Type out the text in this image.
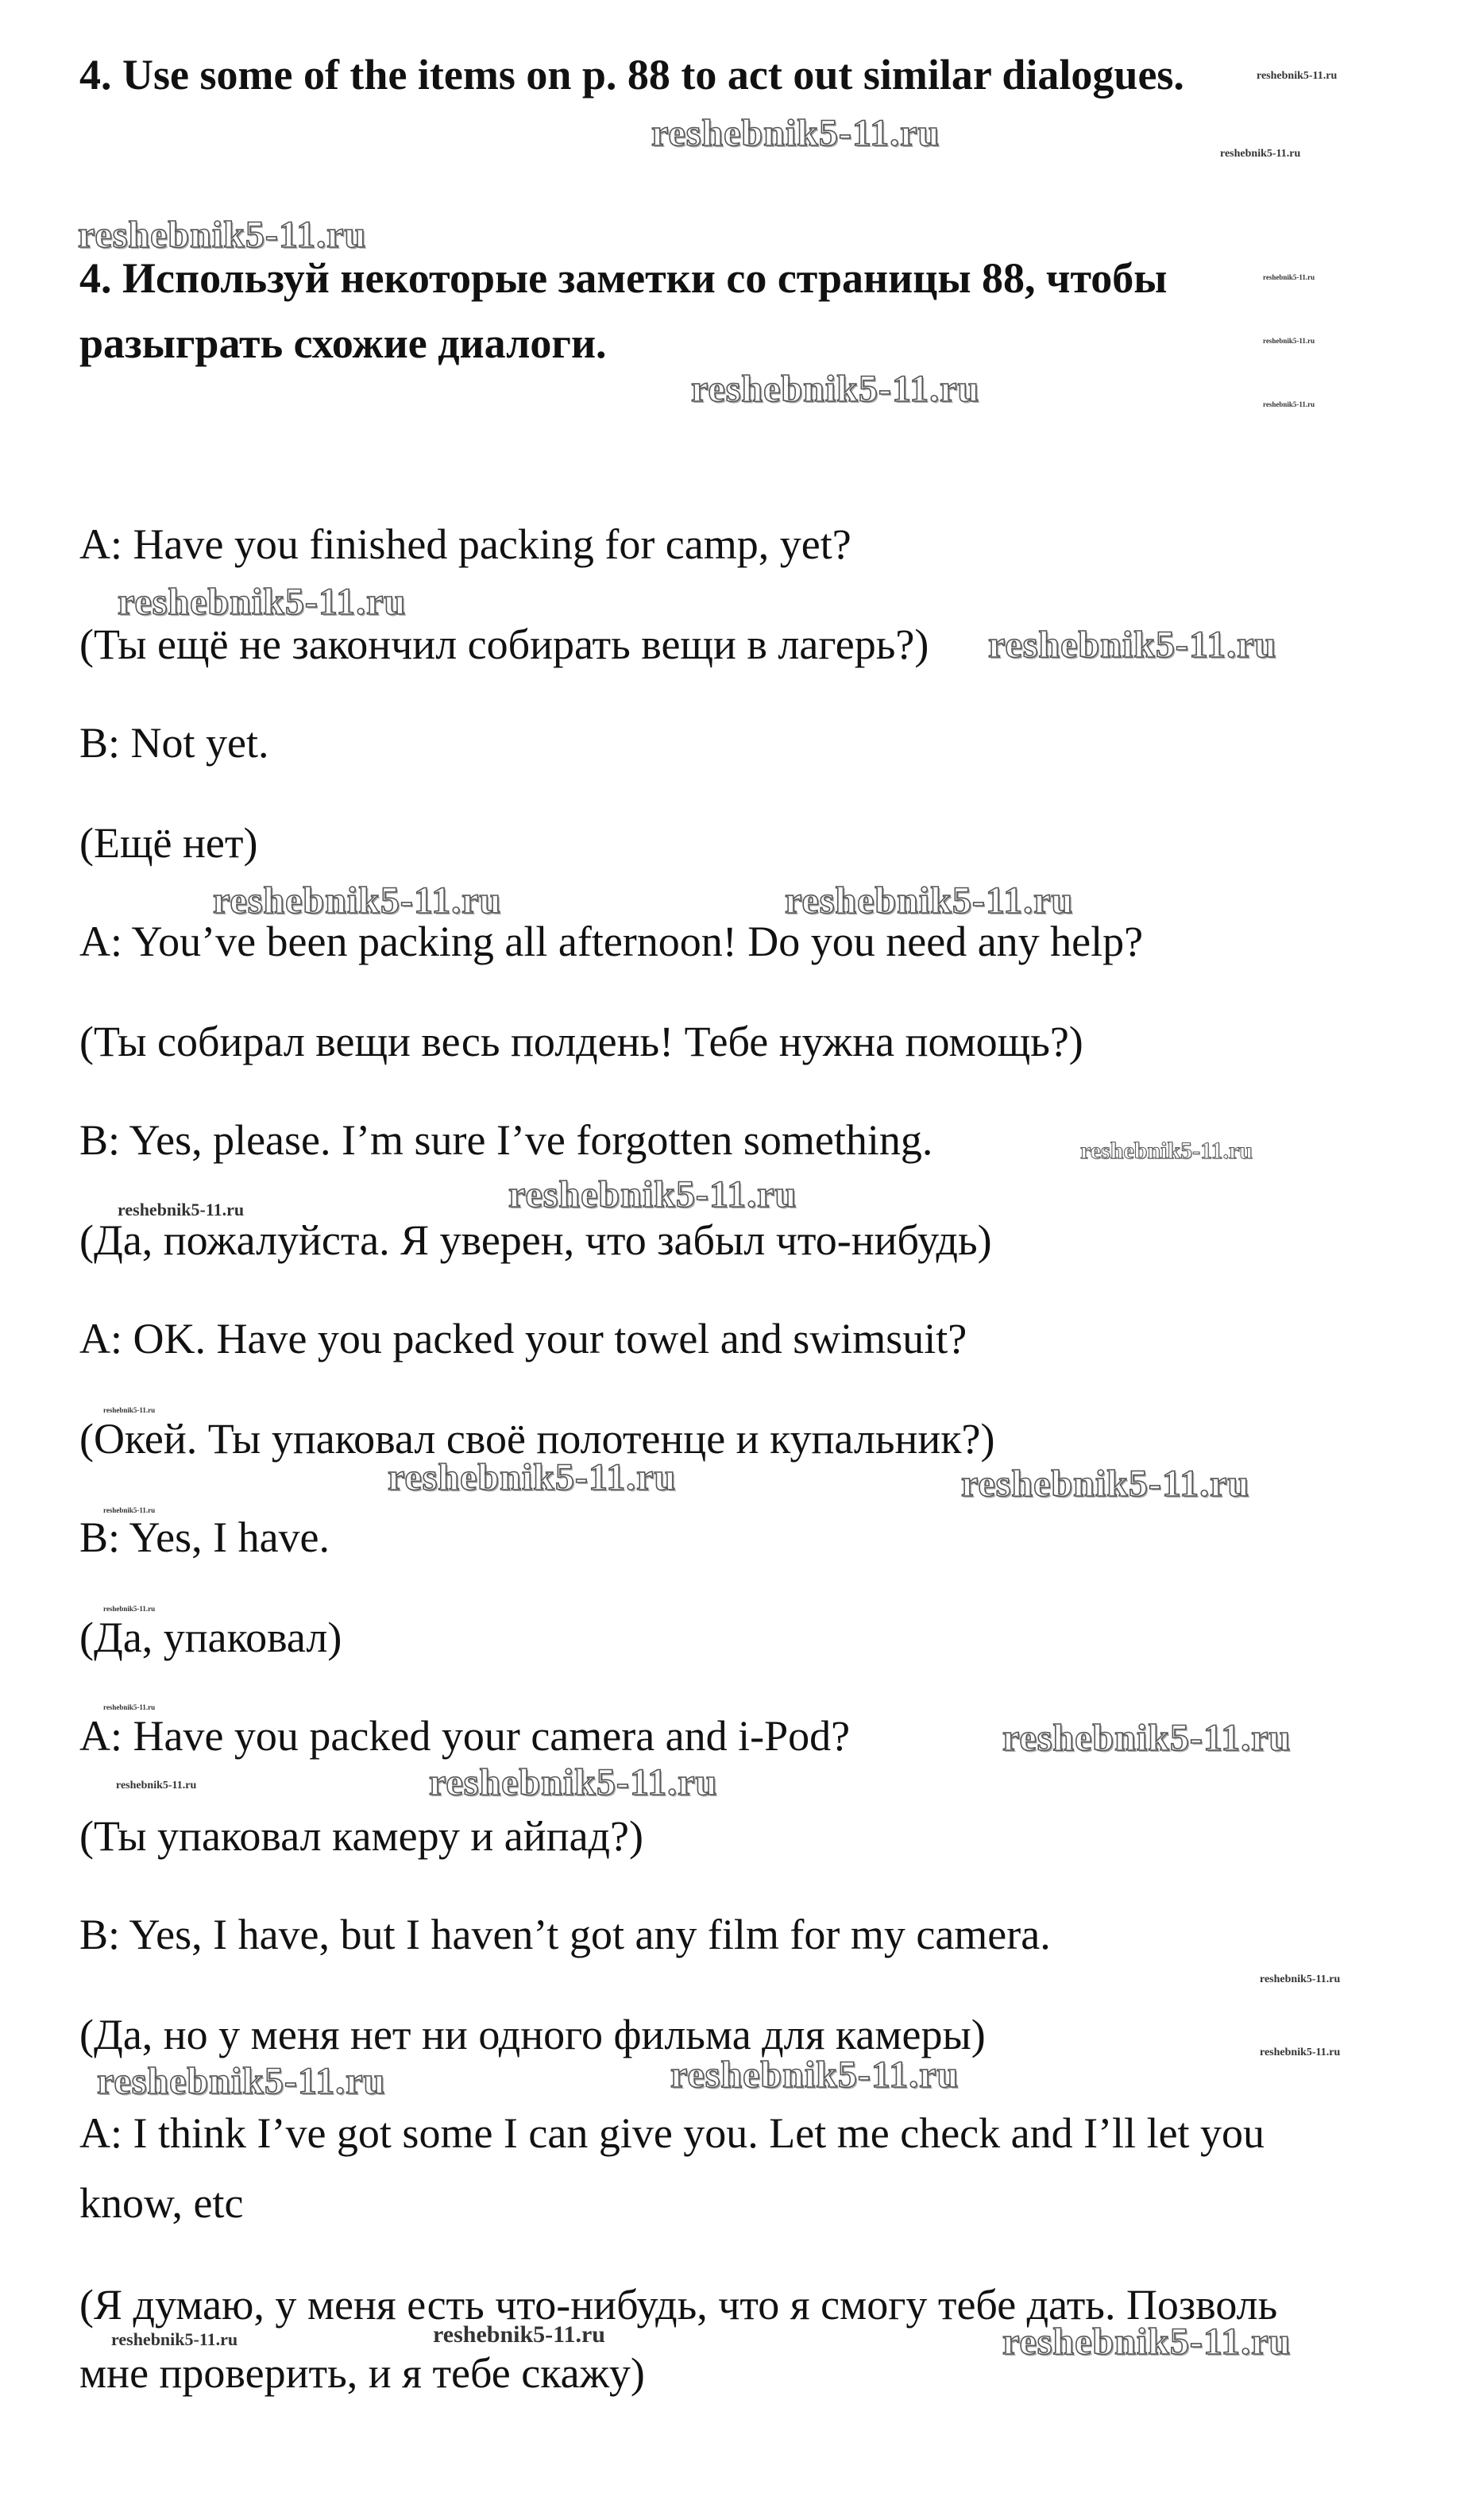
4. Use some of the items on p. 88 to act out similar dialogues.

4. Используй некоторые заметки со страницы 88, чтобы

разыграть схожие диалоги.

A: Have you finished packing for camp, yet?

(Ты ещё не закончил собирать вещи в лагерь?)

B: Not yet.

(Ещё нет)

A: You’ve been packing all afternoon! Do you need any help?

(Ты собирал вещи весь полдень! Тебе нужна помощь?)

B: Yes, please. I’m sure I’ve forgotten something.

(Да, пожалуйста. Я уверен, что забыл что-нибудь)

A: OK. Have you packed your towel and swimsuit?

(Окей. Ты упаковал своё полотенце и купальник?)

B: Yes, I have.

(Да, упаковал)

A: Have you packed your camera and i-Pod?

(Ты упаковал камеру и айпад?)

B: Yes, I have, but I haven’t got any film for my camera.

(Да, но у меня нет ни одного фильма для камеры)

A: I think I’ve got some I can give you. Let me check and I’ll let you

know, etc

(Я думаю, у меня есть что-нибудь, что я смогу тебе дать. Позволь

мне проверить, и я тебе скажу)

reshebnik5-11.ru
reshebnik5-11.ru
reshebnik5-11.ru
reshebnik5-11.ru
reshebnik5-11.ru
reshebnik5-11.ru	reshebnik5-11.ru
reshebnik5-11.ru
reshebnik5-11.ru	reshebnik5-11.ru
reshebnik5-11.ru
reshebnik5-11.ru
reshebnik5-11.ru	reshebnik5-11.ru
reshebnik5-11.ru
reshebnik5-11.ru
reshebnik5-11.ru
reshebnik5-11.ru	reshebnik5-11.ru
reshebnik5-11.ru
reshebnik5-11.ru
reshebnik5-11.ru
reshebnik5-11.ru
reshebnik5-11.ru
reshebnik5-11.ru
reshebnik5-11.ru
reshebnik5-11.ru
reshebnik5-11.ru
reshebnik5-11.ru
reshebnik5-11.ru
reshebnik5-11.ru
